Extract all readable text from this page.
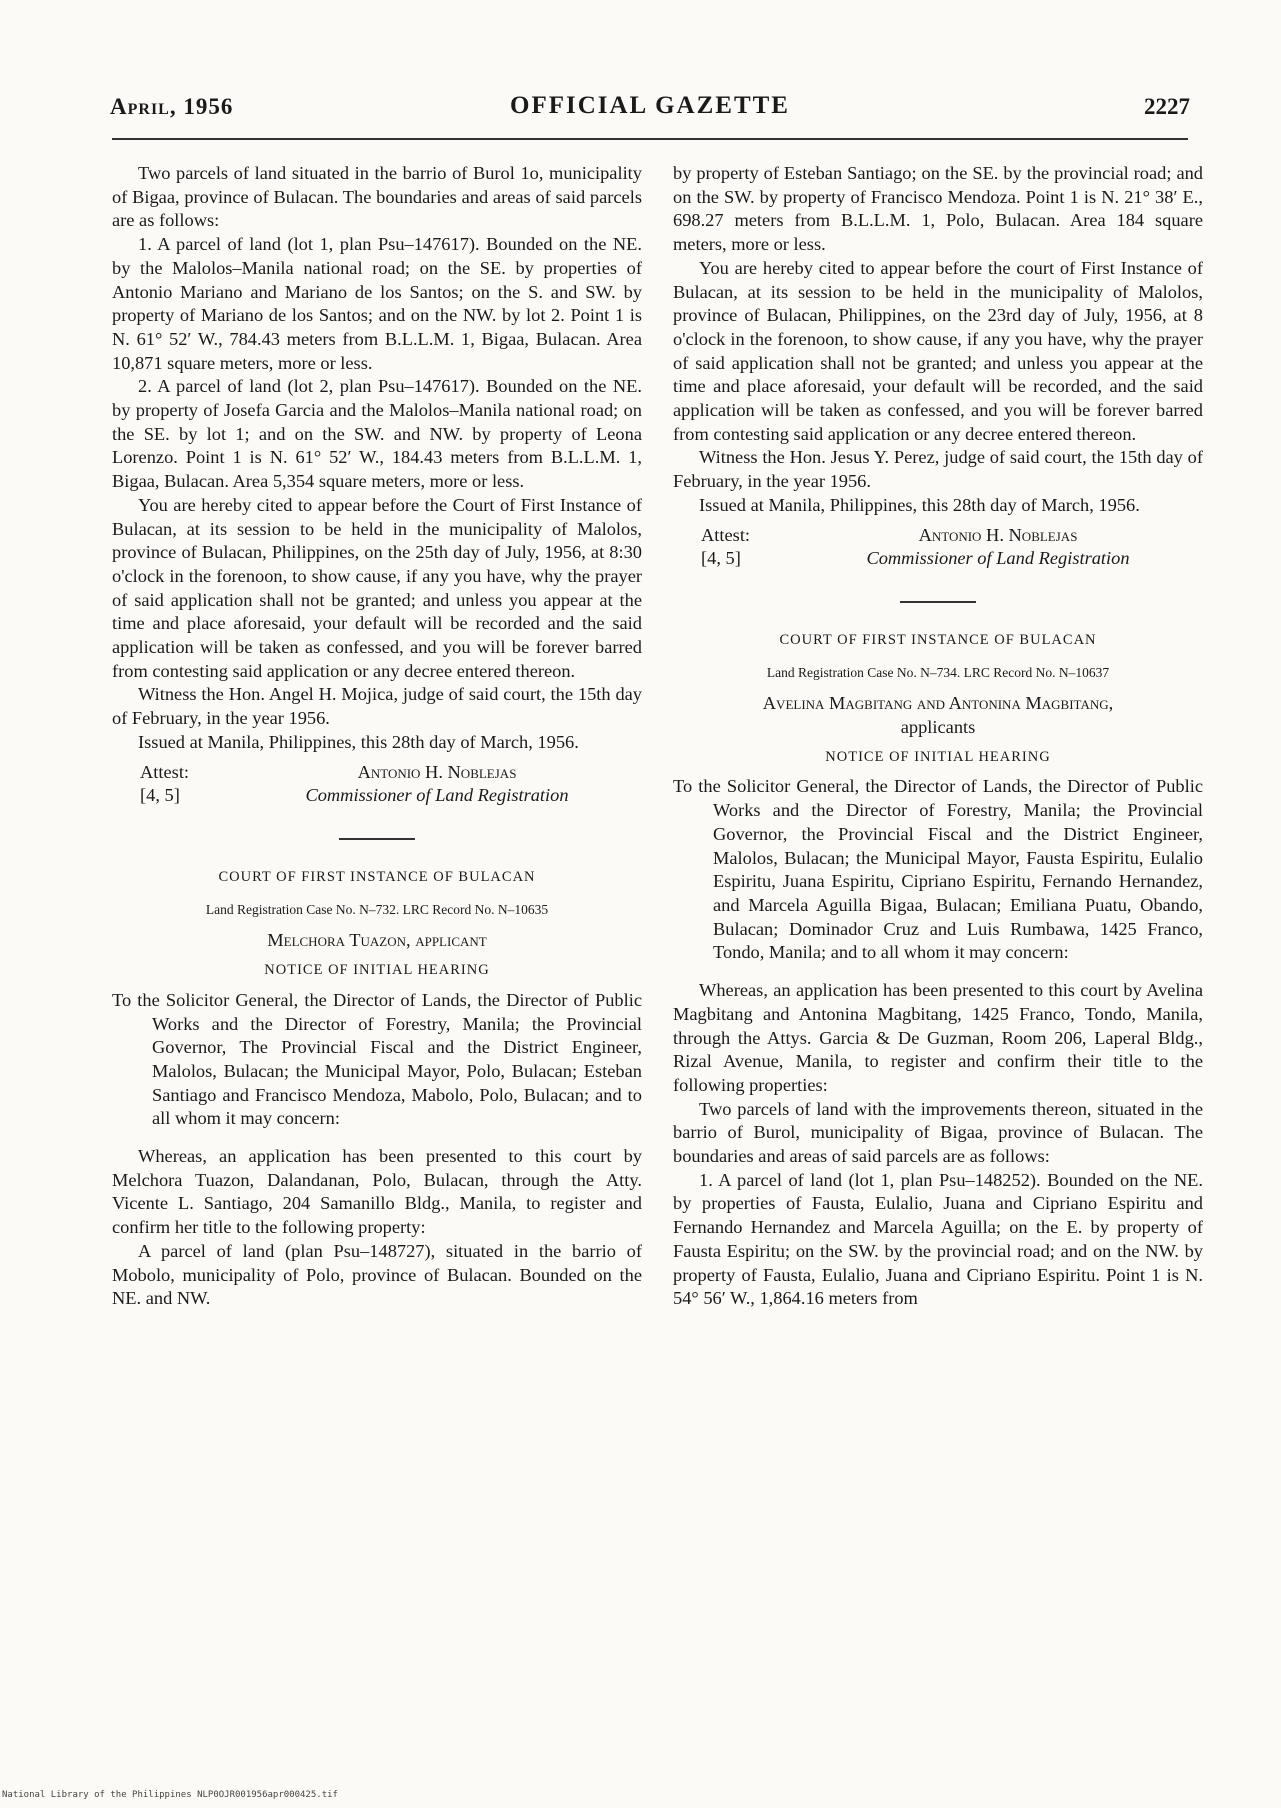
April, 1956	OFFICIAL GAZETTE	2227

Two parcels of land situated in the barrio of Burol 1o, municipality of Bigaa, province of Bulacan. The boundaries and areas of said parcels are as follows:

1. A parcel of land (lot 1, plan Psu–147617). Bounded on the NE. by the Malolos–Manila national road; on the SE. by properties of Antonio Mariano and Mariano de los Santos; on the S. and SW. by property of Mariano de los Santos; and on the NW. by lot 2. Point 1 is N. 61° 52′ W., 784.43 meters from B.L.L.M. 1, Bigaa, Bulacan. Area 10,871 square meters, more or less.

2. A parcel of land (lot 2, plan Psu–147617). Bounded on the NE. by property of Josefa Garcia and the Malolos–Manila national road; on the SE. by lot 1; and on the SW. and NW. by property of Leona Lorenzo. Point 1 is N. 61° 52′ W., 184.43 meters from B.L.L.M. 1, Bigaa, Bulacan. Area 5,354 square meters, more or less.

You are hereby cited to appear before the Court of First Instance of Bulacan, at its session to be held in the municipality of Malolos, province of Bulacan, Philippines, on the 25th day of July, 1956, at 8:30 o'clock in the forenoon, to show cause, if any you have, why the prayer of said application shall not be granted; and unless you appear at the time and place aforesaid, your default will be recorded and the said application will be taken as confessed, and you will be forever barred from contesting said application or any decree entered thereon.

Witness the Hon. Angel H. Mojica, judge of said court, the 15th day of February, in the year 1956.

Issued at Manila, Philippines, this 28th day of March, 1956.

Attest:	Antonio H. Noblejas
[4, 5]	Commissioner of Land Registration
COURT OF FIRST INSTANCE OF BULACAN
Land Registration Case No. N–732. LRC Record No. N–10635
Melchora Tuazon, applicant
NOTICE OF INITIAL HEARING

To the Solicitor General, the Director of Lands, the Director of Public Works and the Director of Forestry, Manila; the Provincial Governor, The Provincial Fiscal and the District Engineer, Malolos, Bulacan; the Municipal Mayor, Polo, Bulacan; Esteban Santiago and Francisco Mendoza, Mabolo, Polo, Bulacan; and to all whom it may concern:

Whereas, an application has been presented to this court by Melchora Tuazon, Dalandanan, Polo, Bulacan, through the Atty. Vicente L. Santiago, 204 Samanillo Bldg., Manila, to register and confirm her title to the following property:

A parcel of land (plan Psu–148727), situated in the barrio of Mobolo, municipality of Polo, province of Bulacan. Bounded on the NE. and NW.

by property of Esteban Santiago; on the SE. by the provincial road; and on the SW. by property of Francisco Mendoza. Point 1 is N. 21° 38′ E., 698.27 meters from B.L.L.M. 1, Polo, Bulacan. Area 184 square meters, more or less.

You are hereby cited to appear before the court of First Instance of Bulacan, at its session to be held in the municipality of Malolos, province of Bulacan, Philippines, on the 23rd day of July, 1956, at 8 o'clock in the forenoon, to show cause, if any you have, why the prayer of said application shall not be granted; and unless you appear at the time and place aforesaid, your default will be recorded, and the said application will be taken as confessed, and you will be forever barred from contesting said application or any decree entered thereon.

Witness the Hon. Jesus Y. Perez, judge of said court, the 15th day of February, in the year 1956.

Issued at Manila, Philippines, this 28th day of March, 1956.

Attest:	Antonio H. Noblejas
[4, 5]	Commissioner of Land Registration
COURT OF FIRST INSTANCE OF BULACAN
Land Registration Case No. N–734. LRC Record No. N–10637
Avelina Magbitang and Antonina Magbitang,
applicants
NOTICE OF INITIAL HEARING

To the Solicitor General, the Director of Lands, the Director of Public Works and the Director of Forestry, Manila; the Provincial Governor, the Provincial Fiscal and the District Engineer, Malolos, Bulacan; the Municipal Mayor, Fausta Espiritu, Eulalio Espiritu, Juana Espiritu, Cipriano Espiritu, Fernando Hernandez, and Marcela Aguilla Bigaa, Bulacan; Emiliana Puatu, Obando, Bulacan; Dominador Cruz and Luis Rumbawa, 1425 Franco, Tondo, Manila; and to all whom it may concern:

Whereas, an application has been presented to this court by Avelina Magbitang and Antonina Magbitang, 1425 Franco, Tondo, Manila, through the Attys. Garcia & De Guzman, Room 206, Laperal Bldg., Rizal Avenue, Manila, to register and confirm their title to the following properties:

Two parcels of land with the improvements thereon, situated in the barrio of Burol, municipality of Bigaa, province of Bulacan. The boundaries and areas of said parcels are as follows:

1. A parcel of land (lot 1, plan Psu–148252). Bounded on the NE. by properties of Fausta, Eulalio, Juana and Cipriano Espiritu and Fernando Hernandez and Marcela Aguilla; on the E. by property of Fausta Espiritu; on the SW. by the provincial road; and on the NW. by property of Fausta, Eulalio, Juana and Cipriano Espiritu. Point 1 is N. 54° 56′ W., 1,864.16 meters from

National Library of the Philippines NLP0OJR001956apr000425.tif
